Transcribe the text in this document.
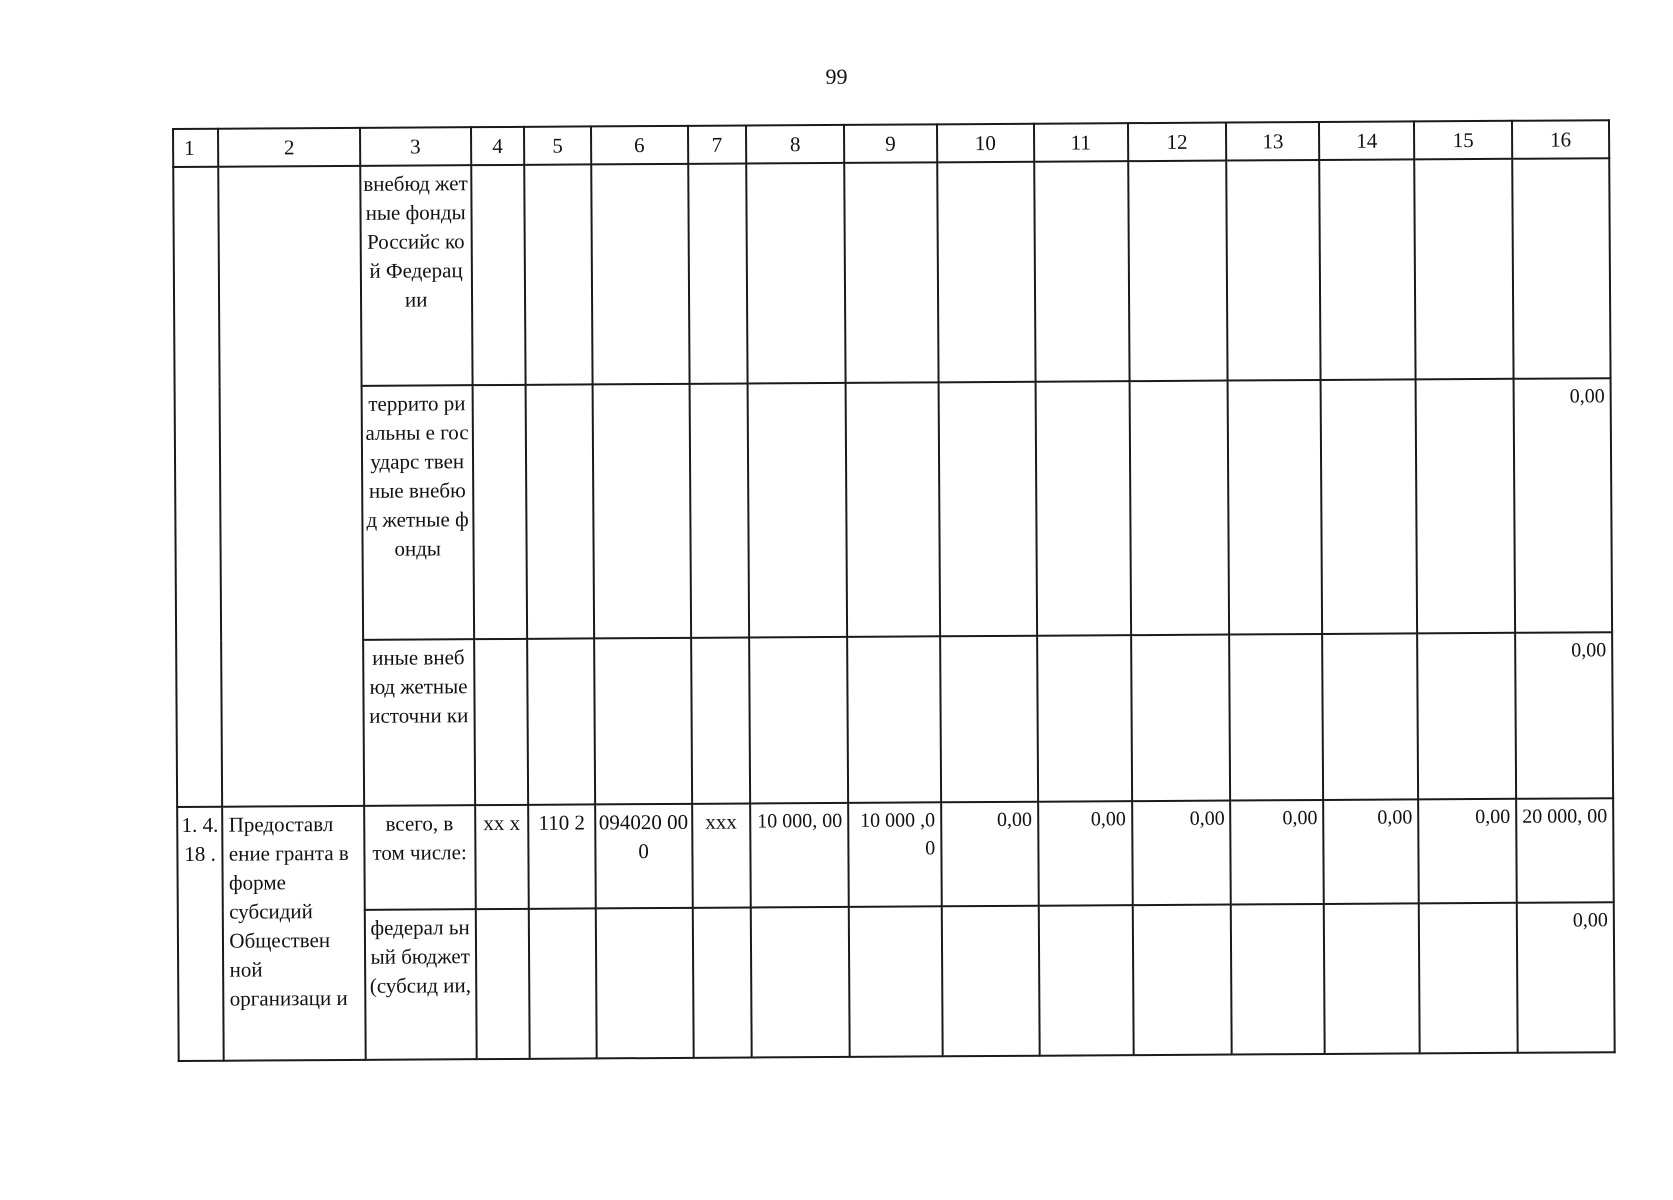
99
1	2	3	4	5	6	7	8	9	10	11	12	13	14	15	16
		внебюд жетные фонды Российс кой Федерац ии													
		террито риальны е государс твенные внебюд жетные фонды													0,00
		иные внебюд жетные источни ки													0,00
1. 4. 18 .	Предоставл ение гранта в форме субсидий Обществен ной организаци и	всего, в том числе:	xx x	110 2	094020 000	xxx	10 000, 00	10 000 ,00	0,00	0,00	0,00	0,00	0,00	0,00	20 000, 00
		федерал ьный бюджет (субсид ии,													0,00
